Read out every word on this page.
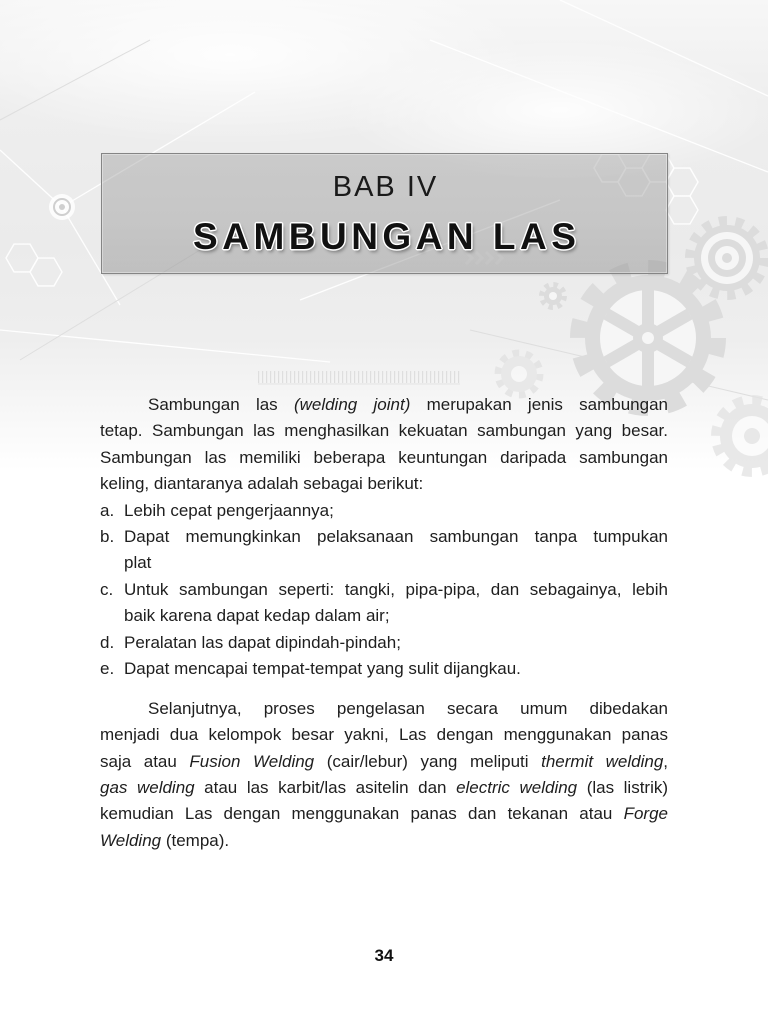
BAB IV
SAMBUNGAN LAS
Sambungan las (welding joint) merupakan jenis sambungan
tetap. Sambungan las menghasilkan kekuatan sambungan yang besar.
Sambungan las memiliki beberapa keuntungan daripada sambungan
keling, diantaranya adalah sebagai berikut:
a. Lebih cepat pengerjaannya;
b. Dapat memungkinkan pelaksanaan sambungan tanpa tumpukan
plat
c. Untuk sambungan seperti: tangki, pipa-pipa, dan sebagainya, lebih
baik karena dapat kedap dalam air;
d. Peralatan las dapat dipindah-pindah;
e. Dapat mencapai tempat-tempat yang sulit dijangkau.
Selanjutnya, proses pengelasan secara umum dibedakan
menjadi dua kelompok besar yakni, Las dengan menggunakan panas
saja atau Fusion Welding (cair/lebur) yang meliputi thermit welding,
gas welding atau las karbit/las asitelin dan electric welding (las listrik)
kemudian Las dengan menggunakan panas dan tekanan atau Forge
Welding (tempa).
34
